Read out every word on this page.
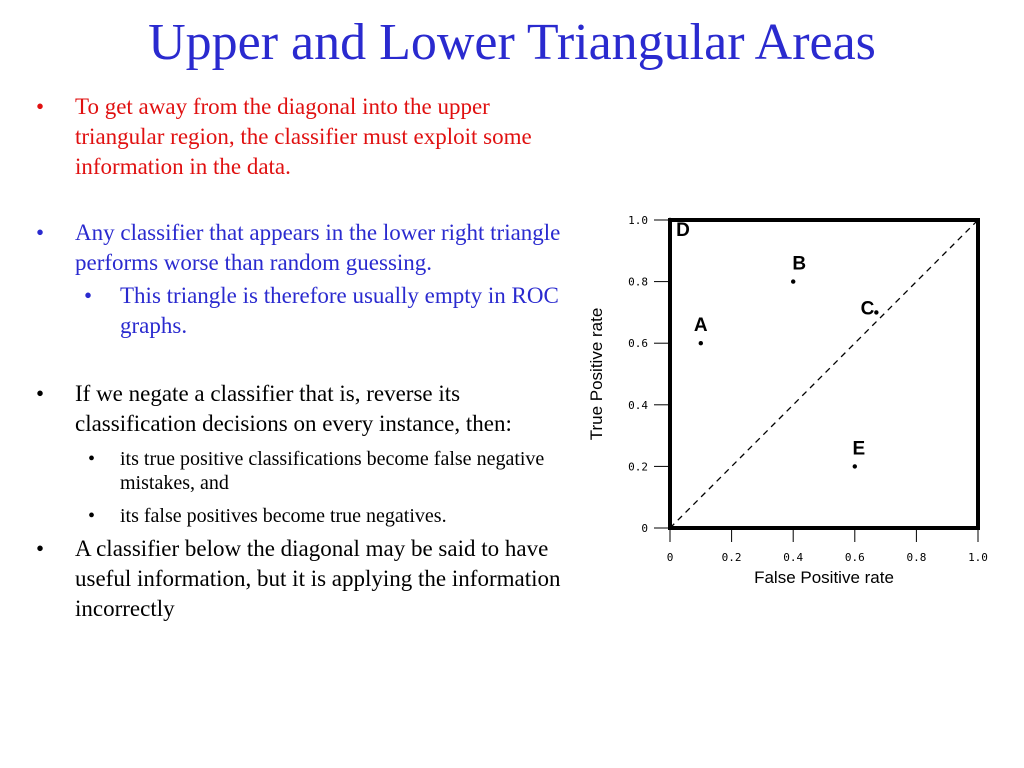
Upper and Lower Triangular Areas
•	To get away from the diagonal into the upper triangular region, the classifier must exploit some information in the data.
•	Any classifier that appears in the lower right triangle performs worse than random guessing.
• This triangle is therefore usually empty in ROC graphs.
•	If we negate a classifier that is, reverse its classification decisions on every instance, then:
• its true positive classifications become false negative mistakes, and
• its false positives become true negatives.
•	A classifier below the diagonal may be said to have useful information, but it is applying the information incorrectly
0
0.2
0.4
0.6
0.8
1.0
0	0.2	0.4	0.6	0.8	1.0
False Positive rate
True Positive rate	A
B
C
D
E
